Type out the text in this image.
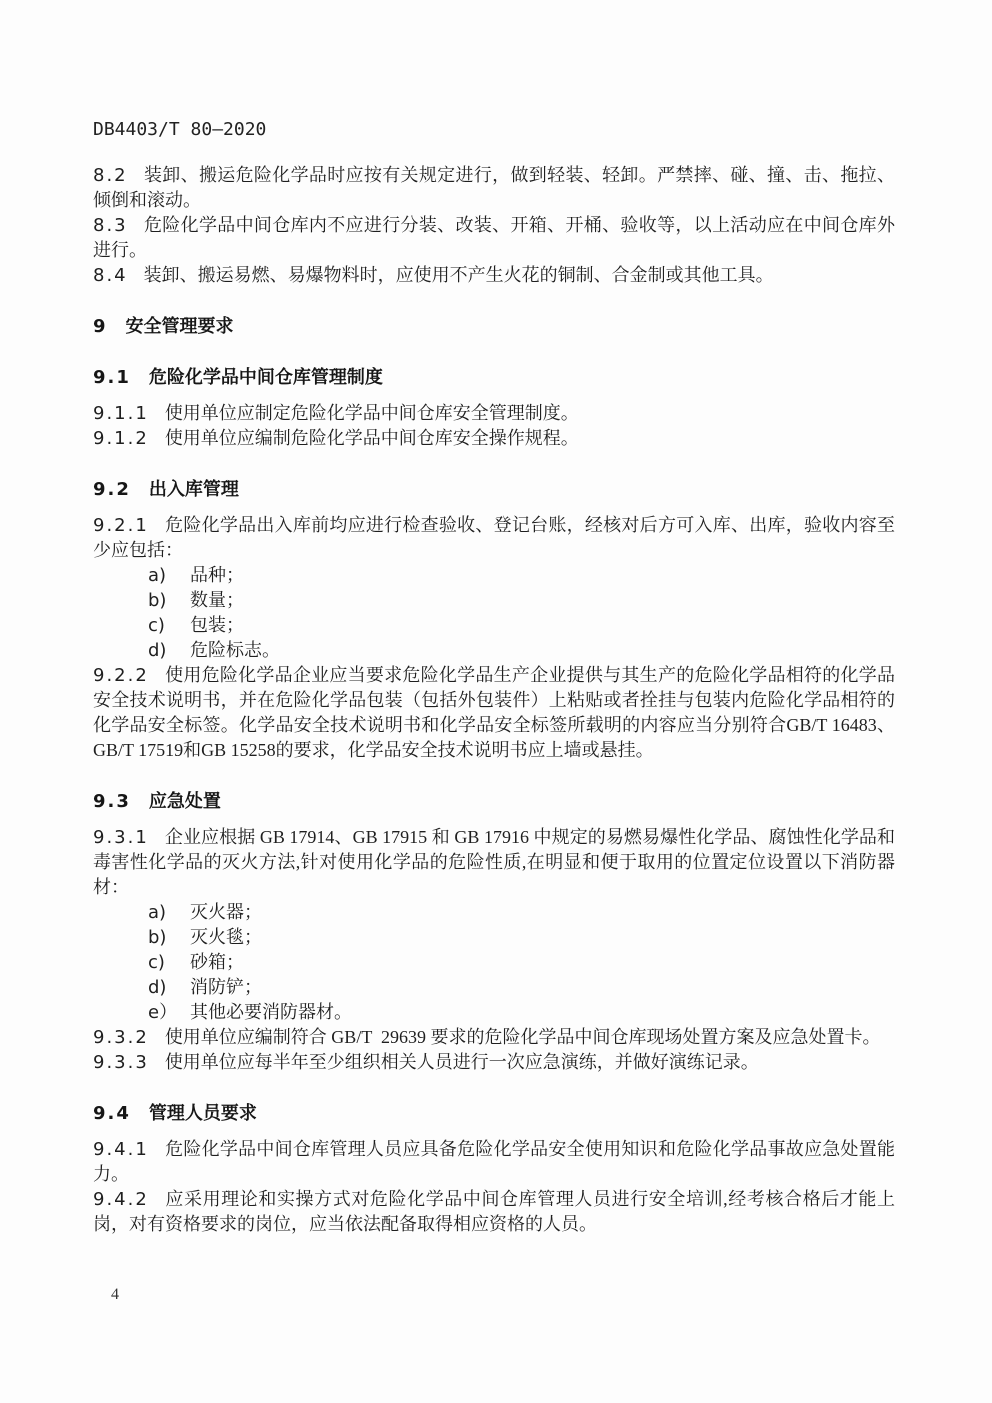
DB4403/T 80—2020

8.2 装卸、搬运危险化学品时应按有关规定进行，做到轻装、轻卸。严禁摔、碰、撞、击、拖拉、倾倒和滚动。

8.3 危险化学品中间仓库内不应进行分装、改装、开箱、开桶、验收等，以上活动应在中间仓库外进行。

8.4 装卸、搬运易燃、易爆物料时，应使用不产生火花的铜制、合金制或其他工具。

9 安全管理要求
9.1 危险化学品中间仓库管理制度

9.1.1 使用单位应制定危险化学品中间仓库安全管理制度。

9.1.2 使用单位应编制危险化学品中间仓库安全操作规程。

9.2 出入库管理

9.2.1 危险化学品出入库前均应进行检查验收、登记台账，经核对后方可入库、出库，验收内容至少应包括：

a) 品种；
b) 数量；
c) 包装；
d) 危险标志。

9.2.2 使用危险化学品企业应当要求危险化学品生产企业提供与其生产的危险化学品相符的化学品安全技术说明书，并在危险化学品包装（包括外包装件）上粘贴或者拴挂与包装内危险化学品相符的化学品安全标签。化学品安全技术说明书和化学品安全标签所载明的内容应当分别符合GB/T 16483、GB/T 17519和GB 15258的要求，化学品安全技术说明书应上墙或悬挂。

9.3 应急处置

9.3.1 企业应根据 GB 17914、GB 17915 和 GB 17916 中规定的易燃易爆性化学品、腐蚀性化学品和毒害性化学品的灭火方法,针对使用化学品的危险性质,在明显和便于取用的位置定位设置以下消防器材：

a) 灭火器；
b) 灭火毯；
c) 砂箱；
d) 消防铲；
e） 其他必要消防器材。

9.3.2 使用单位应编制符合 GB/T  29639 要求的危险化学品中间仓库现场处置方案及应急处置卡。

9.3.3 使用单位应每半年至少组织相关人员进行一次应急演练，并做好演练记录。

9.4 管理人员要求

9.4.1 危险化学品中间仓库管理人员应具备危险化学品安全使用知识和危险化学品事故应急处置能力。

9.4.2 应采用理论和实操方式对危险化学品中间仓库管理人员进行安全培训,经考核合格后才能上岗，对有资格要求的岗位，应当依法配备取得相应资格的人员。

4
